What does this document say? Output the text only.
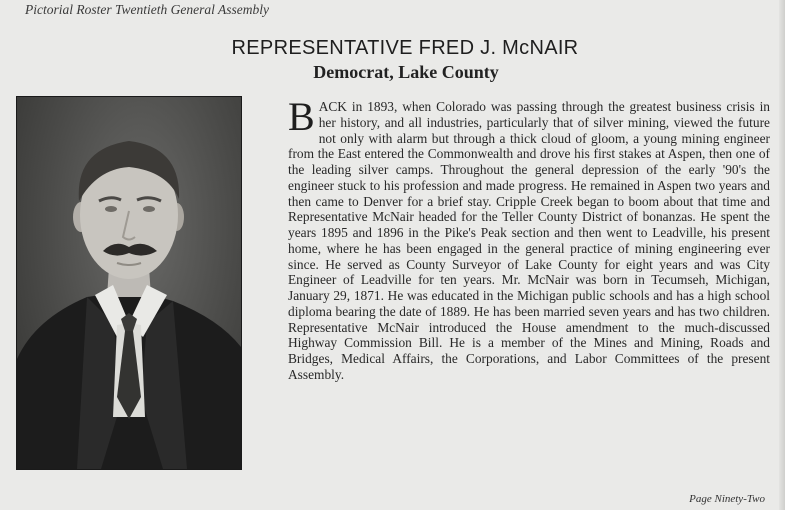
Pictorial Roster Twentieth General Assembly
REPRESENTATIVE FRED J. McNAIR
Democrat, Lake County
BACK in 1893, when Colorado was passing through the greatest business crisis in her history, and all industries, particularly that of silver mining, viewed the future not only with alarm but through a thick cloud of gloom, a young mining engineer from the East entered the Commonwealth and drove his first stakes at Aspen, then one of the leading silver camps. Throughout the general depression of the early '90's the engineer stuck to his profession and made progress. He remained in Aspen two years and then came to Denver for a brief stay. Cripple Creek began to boom about that time and Representative McNair headed for the Teller County District of bonanzas. He spent the years 1895 and 1896 in the Pike's Peak section and then went to Leadville, his present home, where he has been engaged in the general practice of mining engineering ever since. He served as County Surveyor of Lake County for eight years and was City Engineer of Leadville for ten years. Mr. McNair was born in Tecumseh, Michigan, January 29, 1871. He was educated in the Michigan public schools and has a high school diploma bearing the date of 1889. He has been married seven years and has two children. Representative McNair introduced the House amendment to the much-discussed Highway Commission Bill. He is a member of the Mines and Mining, Roads and Bridges, Medical Affairs, the Corporations, and Labor Committees of the present Assembly.
Page Ninety-Two
